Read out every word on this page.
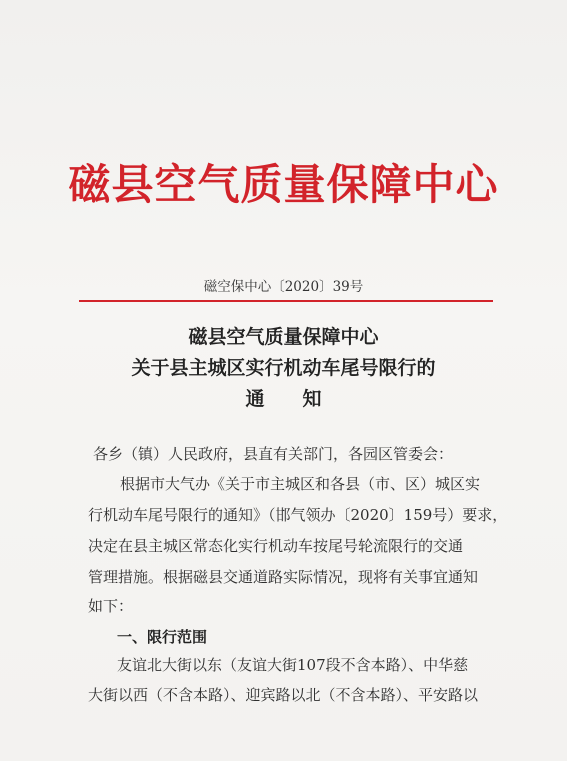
磁县空气质量保障中心
磁空保中心〔2020〕39号
磁县空气质量保障中心
关于县主城区实行机动车尾号限行的
通　　知
各乡（镇）人民政府，县直有关部门，各园区管委会：
根据市大气办《关于市主城区和各县（市、区）城区实
行机动车尾号限行的通知》（邯气领办〔2020〕159号）要求，
决定在县主城区常态化实行机动车按尾号轮流限行的交通
管理措施。根据磁县交通道路实际情况，现将有关事宜通知
如下：
一、限行范围
友谊北大街以东（友谊大街107段不含本路）、中华慈
大街以西（不含本路）、迎宾路以北（不含本路）、平安路以
